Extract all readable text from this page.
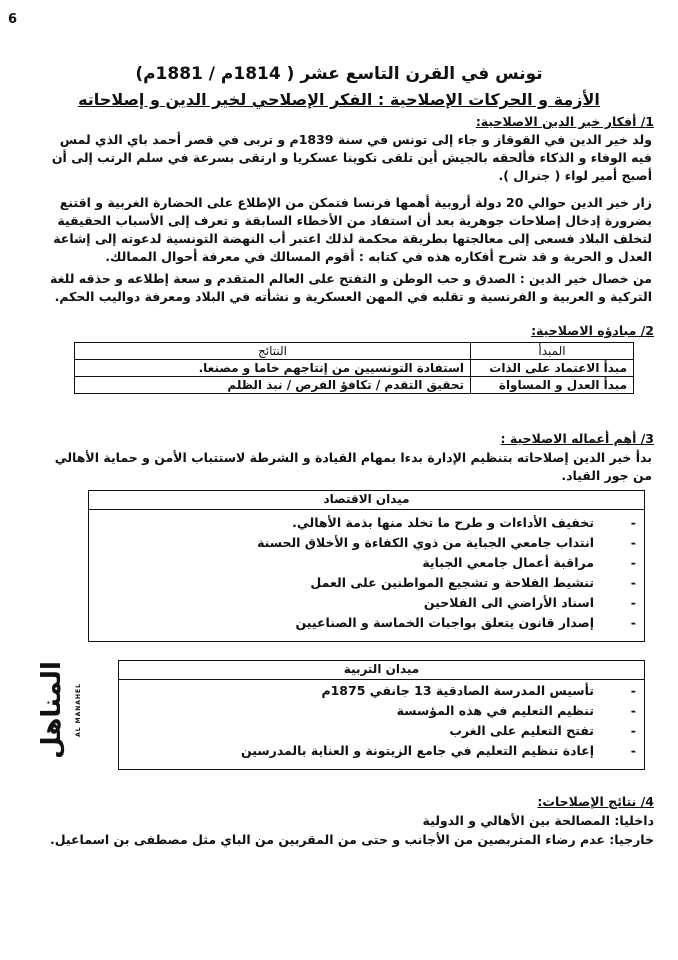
6
تونس في القرن التاسع عشر ( 1814م / 1881م)
الأزمة و الحركات الإصلاحية : الفكر الإصلاحي لخير الدين و إصلاحاته
1/ أفكار خير الدين الاصلاحية:
ولد خير الدين في القوقاز و جاء إلى تونس في سنة 1839م و تربى في قصر أحمد باي الذي لمس
فيه الوفاء و الذكاء فألحقه بالجيش أين تلقى تكوينا عسكريا و ارتقى بسرعة في سلم الرتب إلى أن
أصبح أمير لواء ( جنرال ).
زار خير الدين حوالي 20 دولة أروبية أهمها فرنسا فتمكن من الإطلاع على الحضارة الغربية و اقتنع
بضرورة إدخال إصلاحات جوهرية بعد أن استفاد من الأخطاء السابقة و تعرف إلى الأسباب الحقيقية
لتخلف البلاد فسعى إلى معالجتها بطريقة محكمة لذلك اعتبر أب النهضة التونسية لدعوته إلى إشاعة
العدل و الحرية و قد شرح أفكاره هذه في كتابه : أقوم المسالك في معرفة أحوال الممالك.
من خصال خير الدين : الصدق و حب الوطن و التفتح على العالم المتقدم و سعة إطلاعه و حذقه للغة
التركية و العربية و الفرنسية و تقلبه في المهن العسكرية و نشأته في البلاد ومعرفة دواليب الحكم.
2/ مبادؤه الاصلاحية:
المبدأ	النتائج
مبدأ الاعتماد على الذات	استفادة التونسيين من إنتاجهم خاما و مصنعا.
مبدأ العدل و المساواة	تحقيق التقدم / تكافؤ الفرص / نبذ الظلم
3/ أهم أعماله الاصلاحية :
بدأ خير الدين إصلاحاته بتنظيم الإدارة بدءا بمهام القيادة و الشرطة لاستتباب الأمن و حماية الأهالي
من جور القياد.
ميدان الاقتصاد
-
تخفيف الأداءات و طرح ما تخلد منها بذمة الأهالي.
-
انتداب جامعي الجباية من ذوي الكفاءة و الأخلاق الحسنة
-
مراقبة أعمال جامعي الجباية
-
تنشيط الفلاحة و تشجيع المواطنين على العمل
-
اسناد الأراضي الى الفلاحين
-
إصدار قانون يتعلق بواجبات الخماسة و الصناعيين
ميدان التربية
-
تأسيس المدرسة الصادقية 13 جانفي 1875م
-
تنظيم التعليم في هذه المؤسسة
-
تفتح التعليم على الغرب
-
إعادة تنظيم التعليم في جامع الزيتونة و العناية بالمدرسين
المناهل AL MANAHEL
4/ نتائج الإصلاحات:
داخليا: المصالحة بين الأهالي و الدولية
خارجيا: عدم رضاء المتربصين من الأجانب و حتى من المقربين من الباي مثل مصطفى بن اسماعيل.
